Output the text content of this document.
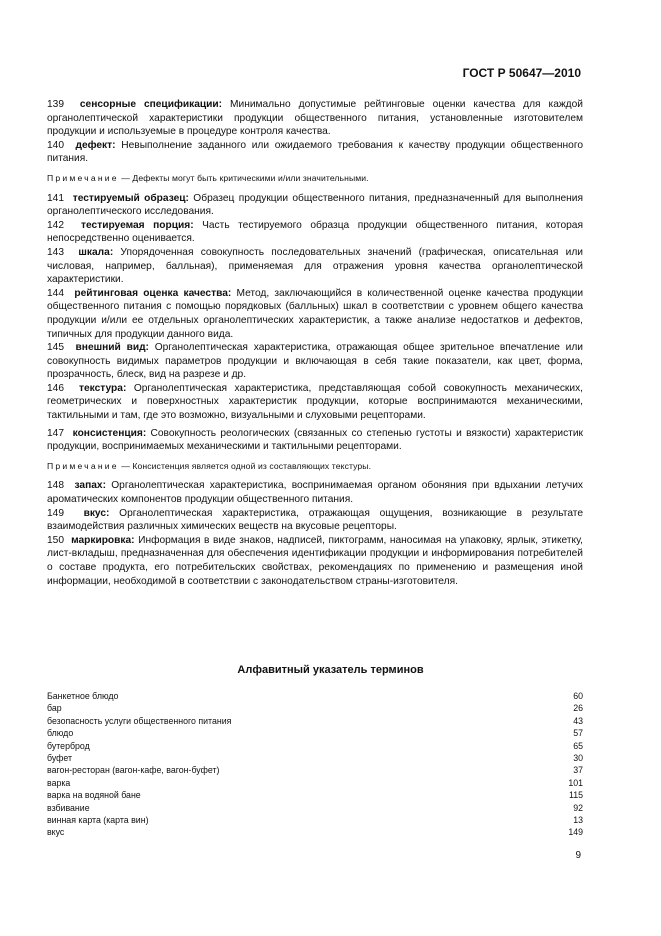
ГОСТ Р 50647—2010

139 сенсорные спецификации: Минимально допустимые рейтинговые оценки качества для каждой органолептической характеристики продукции общественного питания, установленные изготовителем продукции и используемые в процедуре контроля качества.

140 дефект: Невыполнение заданного или ожидаемого требования к качеству продукции общественного питания.

Примечание — Дефекты могут быть критическими и/или значительными.

141 тестируемый образец: Образец продукции общественного питания, предназначенный для выполнения органолептического исследования.

142 тестируемая порция: Часть тестируемого образца продукции общественного питания, которая непосредственно оценивается.

143 шкала: Упорядоченная совокупность последовательных значений (графическая, описательная или числовая, например, балльная), применяемая для отражения уровня качества органолептической характеристики.

144 рейтинговая оценка качества: Метод, заключающийся в количественной оценке качества продукции общественного питания с помощью порядковых (балльных) шкал в соответствии с уровнем общего качества продукции и/или ее отдельных органолептических характеристик, а также анализе недостатков и дефектов, типичных для продукции данного вида.

145 внешний вид: Органолептическая характеристика, отражающая общее зрительное впечатление или совокупность видимых параметров продукции и включающая в себя такие показатели, как цвет, форма, прозрачность, блеск, вид на разрезе и др.

146 текстура: Органолептическая характеристика, представляющая собой совокупность механических, геометрических и поверхностных характеристик продукции, которые воспринимаются механическими, тактильными и там, где это возможно, визуальными и слуховыми рецепторами.

147 консистенция: Совокупность реологических (связанных со степенью густоты и вязкости) характеристик продукции, воспринимаемых механическими и тактильными рецепторами.

Примечание — Консистенция является одной из составляющих текстуры.

148 запах: Органолептическая характеристика, воспринимаемая органом обоняния при вдыхании летучих ароматических компонентов продукции общественного питания.

149 вкус: Органолептическая характеристика, отражающая ощущения, возникающие в результате взаимодействия различных химических веществ на вкусовые рецепторы.

150 маркировка: Информация в виде знаков, надписей, пиктограмм, наносимая на упаковку, ярлык, этикетку, лист-вкладыш, предназначенная для обеспечения идентификации продукции и информирования потребителей о составе продукта, его потребительских свойствах, рекомендациях по применению и размещения иной информации, необходимой в соответствии с законодательством страны-изготовителя.

Алфавитный указатель терминов
Банкетное блюдо	60
бар	26
безопасность услуги общественного питания	43
блюдо	57
бутерброд	65
буфет	30
вагон-ресторан (вагон-кафе, вагон-буфет)	37
варка	101
варка на водяной бане	115
взбивание	92
винная карта (карта вин)	13
вкус	149
9
